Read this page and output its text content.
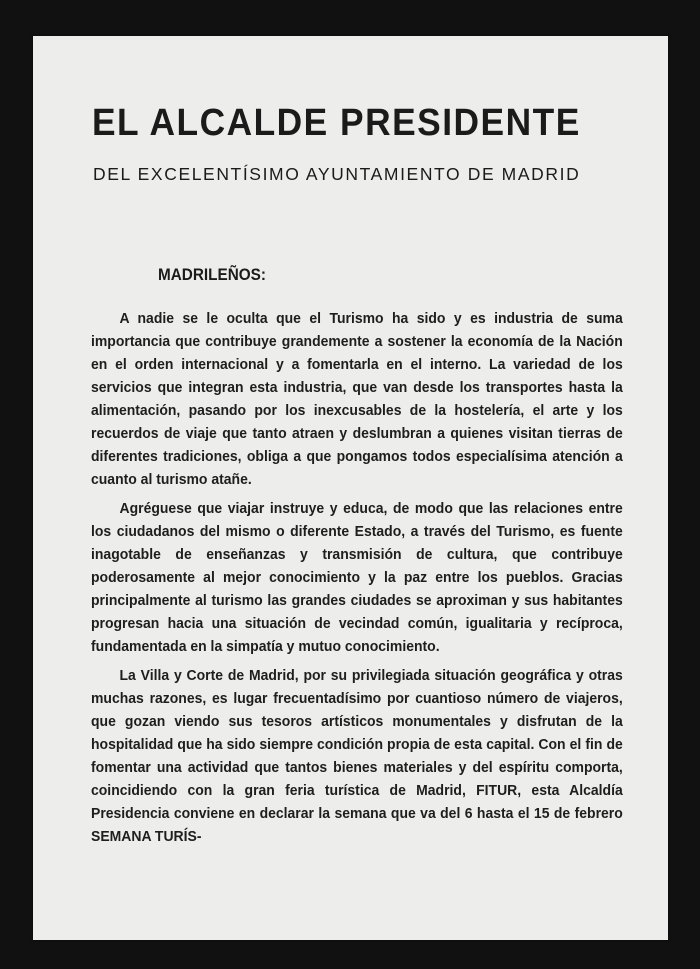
EL ALCALDE PRESIDENTE
DEL EXCELENTÍSIMO AYUNTAMIENTO DE MADRID
MADRILEÑOS:

A nadie se le oculta que el Turismo ha sido y es industria de suma importancia que contribuye grandemente a sostener la economía de la Nación en el orden internacional y a fomentarla en el interno. La variedad de los servicios que integran esta industria, que van desde los transportes hasta la alimentación, pasando por los inexcusables de la hostelería, el arte y los recuerdos de viaje que tanto atraen y deslumbran a quienes visitan tierras de diferentes tradiciones, obliga a que pongamos todos especialísima atención a cuanto al turismo atañe.

Agréguese que viajar instruye y educa, de modo que las relaciones entre los ciudadanos del mismo o diferente Estado, a través del Turismo, es fuente inagotable de enseñanzas y transmisión de cultura, que contribuye poderosamente al mejor conocimiento y la paz entre los pueblos. Gracias principalmente al turismo las grandes ciudades se aproximan y sus habitantes progresan hacia una situación de vecindad común, igualitaria y recíproca, fundamentada en la simpatía y mutuo conocimiento.

La Villa y Corte de Madrid, por su privilegiada situación geográfica y otras muchas razones, es lugar frecuentadísimo por cuantioso número de viajeros, que gozan viendo sus tesoros artísticos monumentales y disfrutan de la hospitalidad que ha sido siempre condición propia de esta capital. Con el fin de fomentar una actividad que tantos bienes materiales y del espíritu comporta, coincidiendo con la gran feria turística de Madrid, FITUR, esta Alcaldía Presidencia conviene en declarar la semana que va del 6 hasta el 15 de febrero SEMANA TURÍS-
